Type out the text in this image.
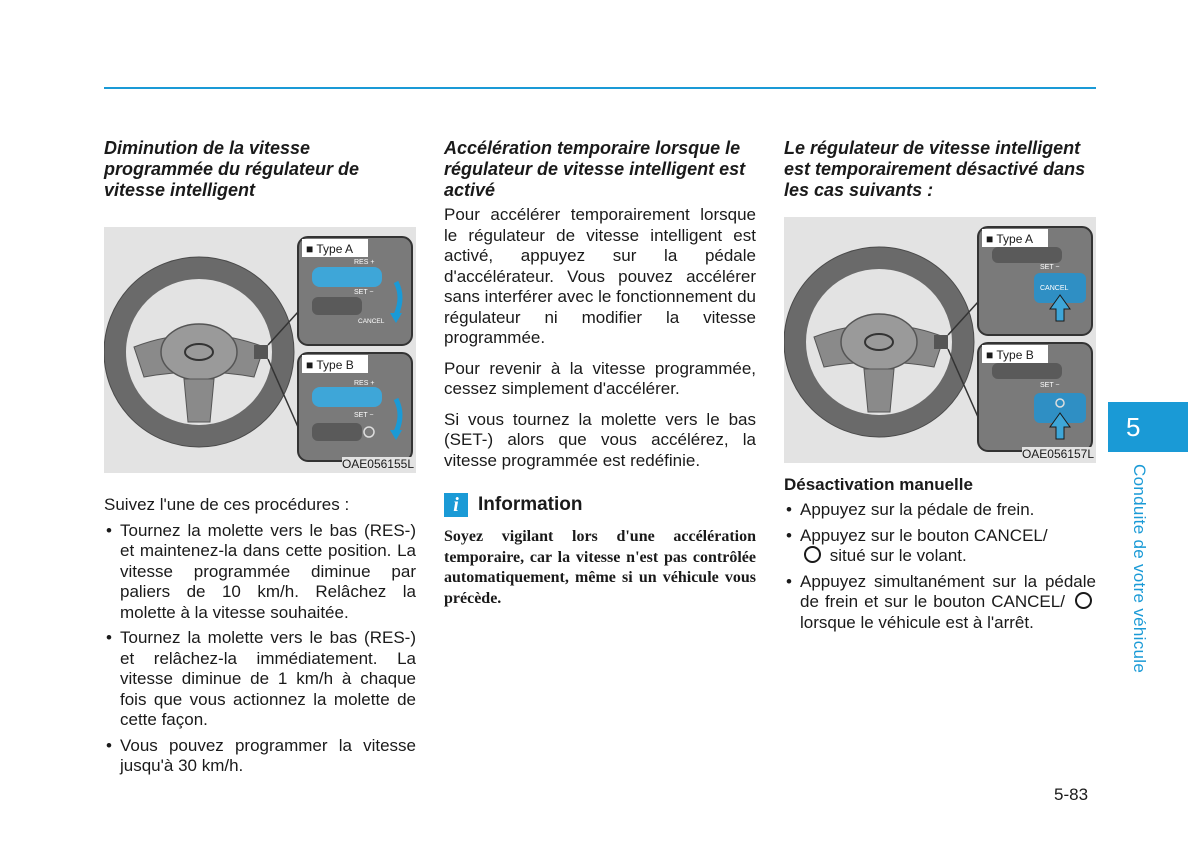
Diminution de la vitesse programmée du régulateur de vitesse intelligent
■ Type A
■ Type B
RES +
SET −
CANCEL
RES +
SET −
OAE056155L

Suivez l'une de ces procédures :

• Tournez la molette vers le bas (RES-) et maintenez-la dans cette position. La vitesse programmée diminue par paliers de 10 km/h. Relâchez la molette à la vitesse souhaitée.
• Tournez la molette vers le bas (RES-) et relâchez-la immédiatement. La vitesse diminue de 1 km/h à chaque fois que vous actionnez la molette de cette façon.
• Vous pouvez programmer la vitesse jusqu'à 30 km/h.
Accélération temporaire lorsque le régulateur de vitesse intelligent est activé

Pour accélérer temporairement lorsque le régulateur de vitesse intelligent est activé, appuyez sur la pédale d'accélérateur. Vous pouvez accélérer sans interférer avec le fonctionnement du régulateur ni modifier la vitesse programmée.

Pour revenir à la vitesse programmée, cessez simplement d'accélérer.

Si vous tournez la molette vers le bas (SET-) alors que vous accélérez, la vitesse programmée est redéfinie.

i	Information

Soyez vigilant lors d'une accélération temporaire, car la vitesse n'est pas contrôlée automatiquement, même si un véhicule vous précède.

Le régulateur de vitesse intelligent est temporairement désactivé dans les cas suivants :
■ Type A
■ Type B
SET −
CANCEL
SET −
OAE056157L

Désactivation manuelle

• Appuyez sur la pédale de frein.
• Appuyez sur le bouton CANCEL/
situé sur le volant.
• Appuyez simultanément sur la pédale de frein et sur le bouton CANCEL/  lorsque le véhicule est à l'arrêt.
5
Conduite de votre véhicule
5-83
